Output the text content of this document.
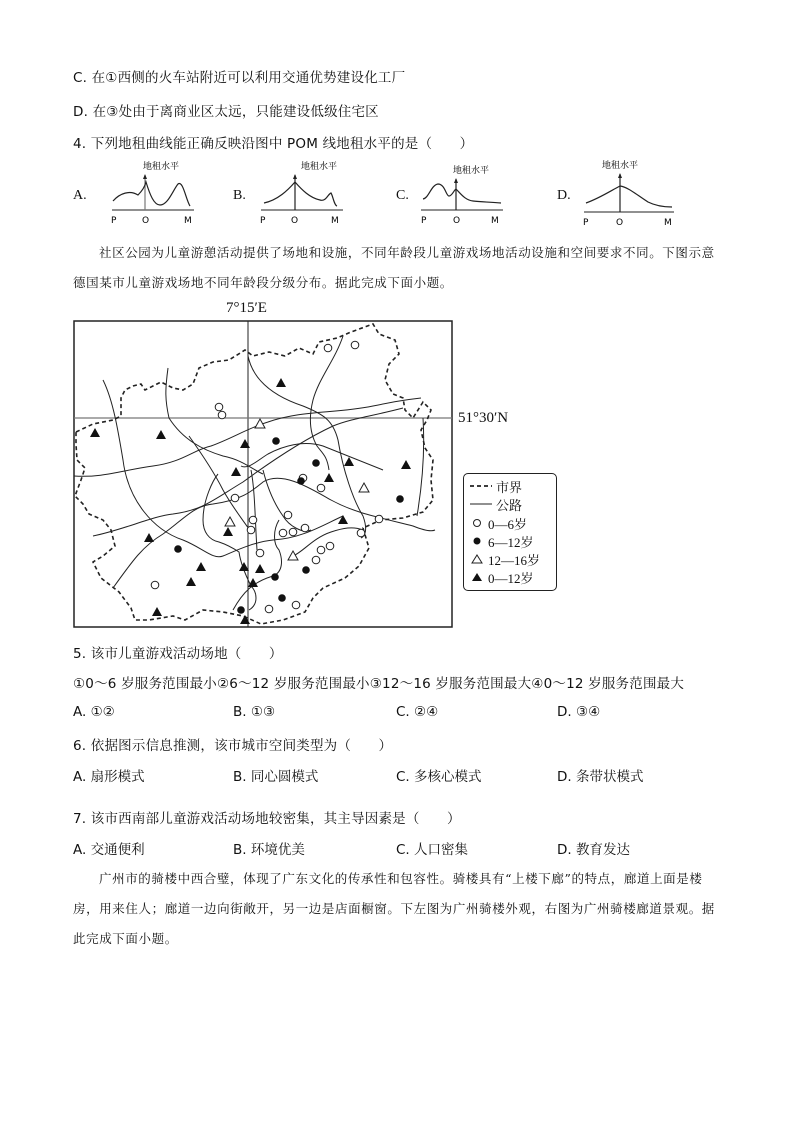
C. 在①西侧的火车站附近可以利用交通优势建设化工厂
D. 在③处由于离商业区太远，只能建设低级住宅区
4. 下列地租曲线能正确反映沿图中 POM 线地租水平的是（　　）
A.
地租水平
P	O	M
B.
地租水平
P	O	M
C.
地租水平
P	O	M
D.
地租水平
P	O	M
社区公园为儿童游憩活动提供了场地和设施，不同年龄段儿童游戏场地活动设施和空间要求不同。下图示意德国某市儿童游戏场地不同年龄段分级分布。据此完成下面小题。
7°15′E
51°30′N
市界
公路
0—6岁
6—12岁
12—16岁
0—12岁
5. 该市儿童游戏活动场地（　　）
①0～6 岁服务范围最小②6～12 岁服务范围最小③12～16 岁服务范围最大④0～12 岁服务范围最大
A. ①②	B. ①③	C. ②④	D. ③④
6. 依据图示信息推测，该市城市空间类型为（　　）
A. 扇形模式	B. 同心圆模式	C. 多核心模式	D. 条带状模式
7. 该市西南部儿童游戏活动场地较密集，其主导因素是（　　）
A. 交通便利	B. 环境优美	C. 人口密集	D. 教育发达
广州市的骑楼中西合璧，体现了广东文化的传承性和包容性。骑楼具有“上楼下廊”的特点，廊道上面是楼房，用来住人；廊道一边向街敞开，另一边是店面橱窗。下左图为广州骑楼外观，右图为广州骑楼廊道景观。据此完成下面小题。
